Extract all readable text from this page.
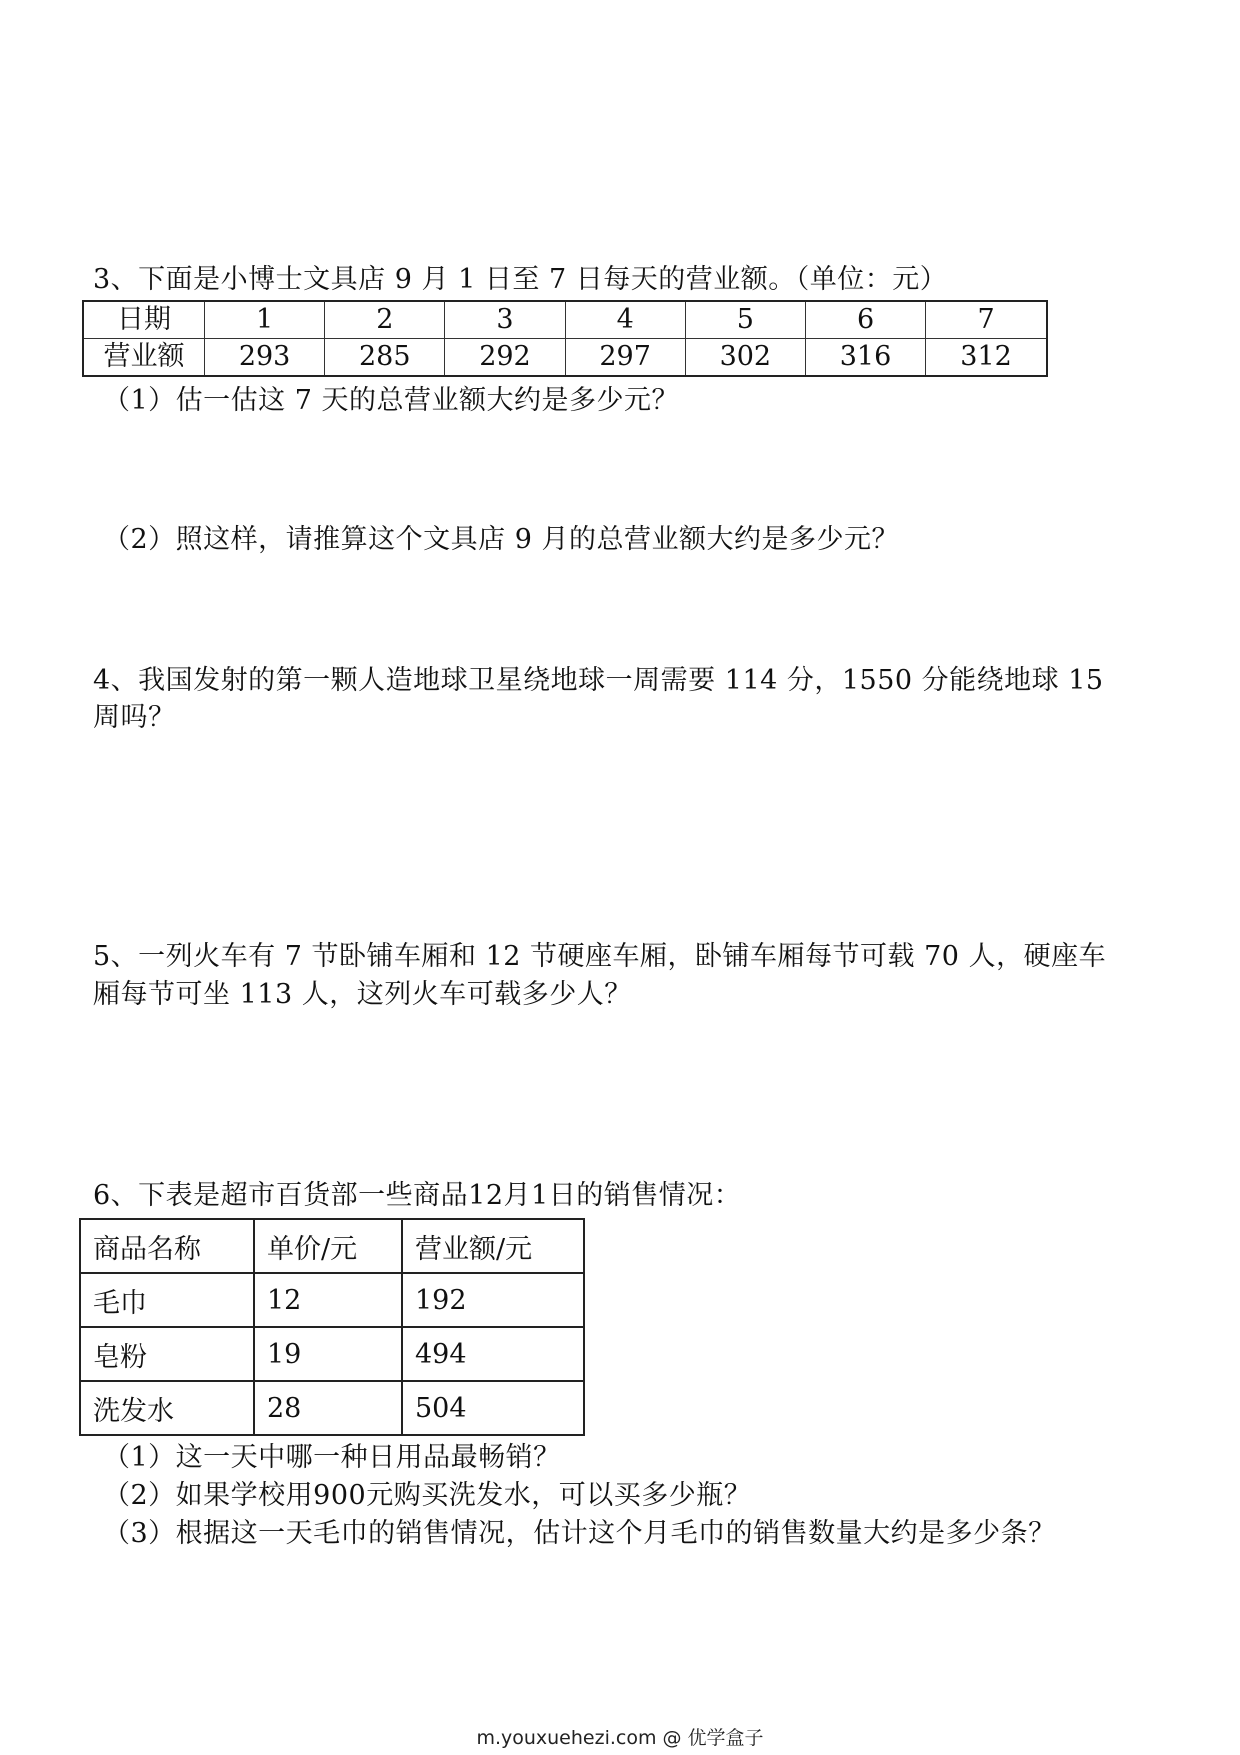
3、下面是小博士文具店 9 月 1 日至 7 日每天的营业额。（单位：元）
日期	1	2	3	4	5	6	7
营业额	293	285	292	297	302	316	312
（1）估一估这 7 天的总营业额大约是多少元？
（2）照这样，请推算这个文具店 9 月的总营业额大约是多少元？
4、我国发射的第一颗人造地球卫星绕地球一周需要 114 分，1550 分能绕地球 15
周吗？
5、一列火车有 7 节卧铺车厢和 12 节硬座车厢，卧铺车厢每节可载 70 人，硬座车
厢每节可坐 113 人，这列火车可载多少人？
6、下表是超市百货部一些商品12月1日的销售情况：
商品名称	单价/元	营业额/元
毛巾	12	192
皂粉	19	494
洗发水	28	504
（1）这一天中哪一种日用品最畅销？
（2）如果学校用900元购买洗发水，可以买多少瓶？
（3）根据这一天毛巾的销售情况，估计这个月毛巾的销售数量大约是多少条？
m.youxuehezi.com @ 优学盒子
